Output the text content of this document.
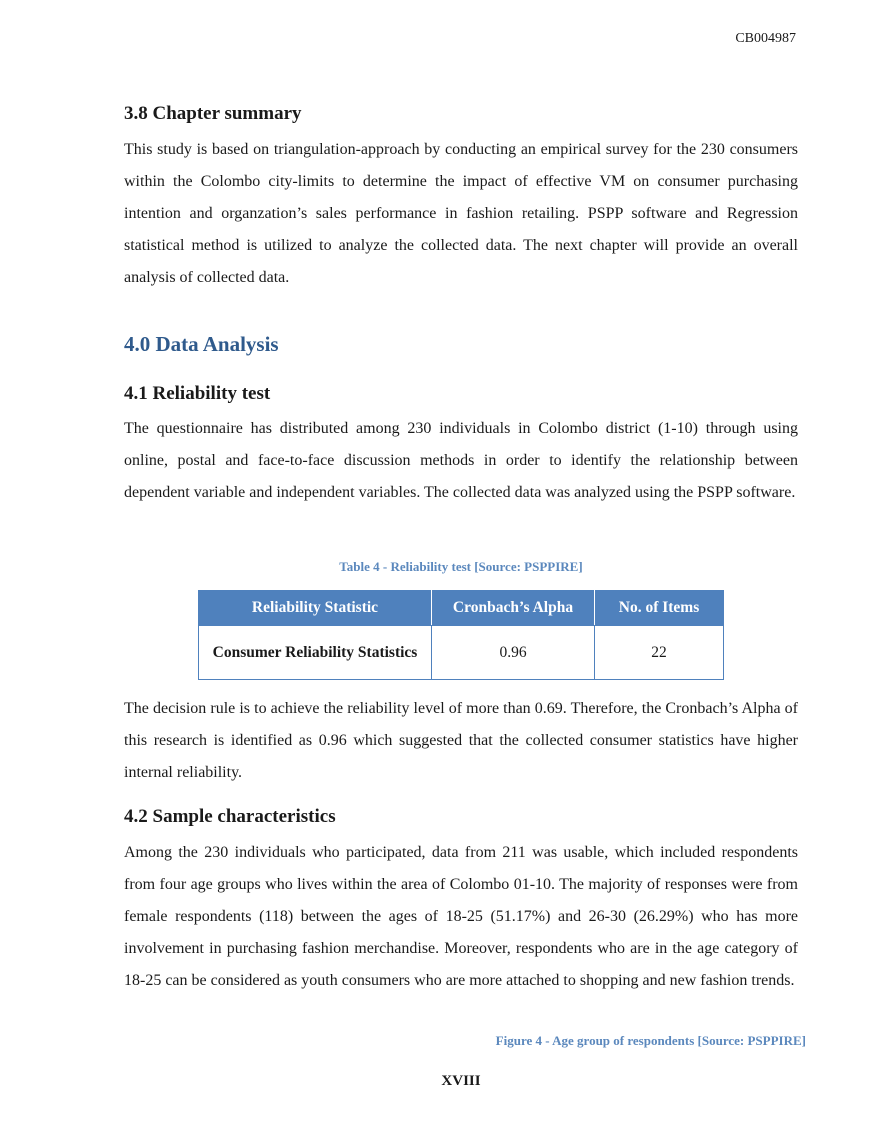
CB004987
3.8 Chapter summary

This study is based on triangulation-approach by conducting an empirical survey for the 230 consumers within the Colombo city-limits to determine the impact of effective VM on consumer purchasing intention and organzation’s sales performance in fashion retailing. PSPP software and Regression statistical method is utilized to analyze the collected data. The next chapter will provide an overall analysis of collected data.

4.0 Data Analysis
4.1 Reliability test

The questionnaire has distributed among 230 individuals in Colombo district (1-10) through using online, postal and face-to-face discussion methods in order to identify the relationship between dependent variable and independent variables. The collected data was analyzed using the PSPP software.

Table 4 - Reliability test [Source: PSPPIRE]
Reliability Statistic	Cronbach’s Alpha	No. of Items
Consumer Reliability Statistics	0.96	22

The decision rule is to achieve the reliability level of more than 0.69. Therefore, the Cronbach’s Alpha of this research is identified as 0.96 which suggested that the collected consumer statistics have higher internal reliability.

4.2 Sample characteristics

Among the 230 individuals who participated, data from 211 was usable, which included respondents from four age groups who lives within the area of Colombo 01-10. The majority of responses were from female respondents (118) between the ages of 18-25 (51.17%) and 26-30 (26.29%) who has more involvement in purchasing fashion merchandise. Moreover, respondents who are in the age category of 18-25 can be considered as youth consumers who are more attached to shopping and new fashion trends.

Figure 4 - Age group of respondents [Source: PSPPIRE]
XVIII
